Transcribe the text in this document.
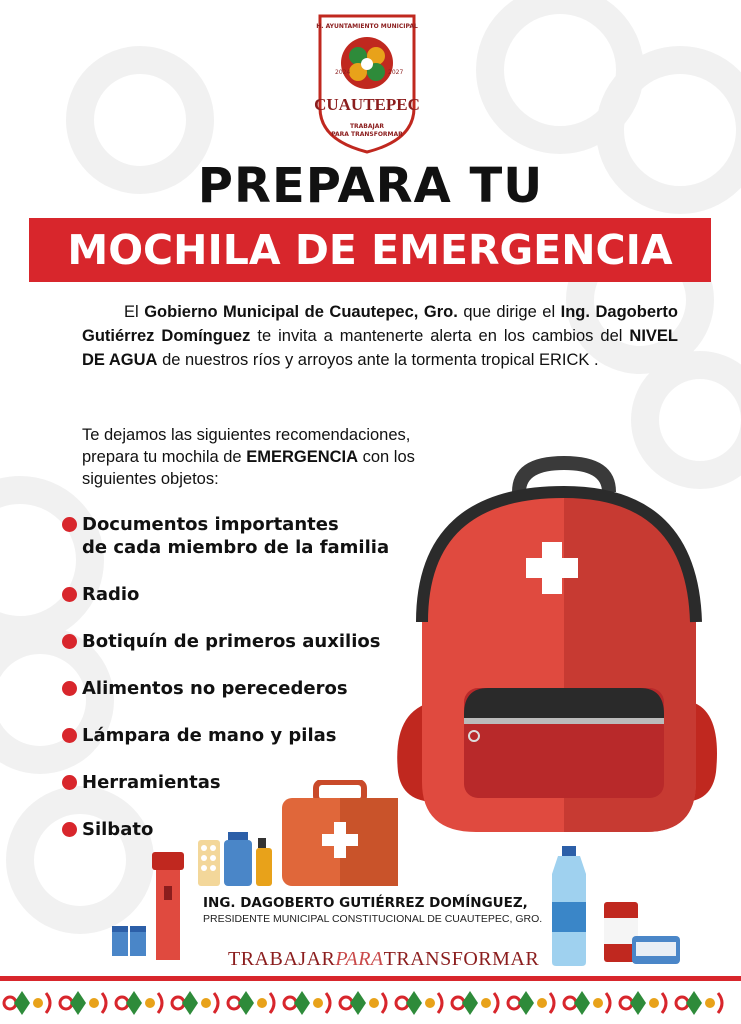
H. AYUNTAMIENTO MUNICIPAL
2024	2027
CUAUTEPEC
TRABAJAR
PARA TRANSFORMAR
PREPARA TU
MOCHILA DE EMERGENCIA
El Gobierno Municipal de Cuautepec, Gro. que dirige el Ing. Dagoberto Gutiérrez Domínguez te invita a mantenerte alerta en los cambios del NIVEL DE AGUA de nuestros ríos y arroyos ante la tormenta tropical ERICK .
Te dejamos las siguientes recomendaciones, prepara tu mochila de EMERGENCIA con los siguientes objetos:
Documentos importantes
de cada miembro de la familia
Radio
Botiquín de primeros auxilios
Alimentos no perecederos
Lámpara de mano y pilas
Herramientas
Silbato
ING. DAGOBERTO GUTIÉRREZ DOMÍNGUEZ,
PRESIDENTE MUNICIPAL CONSTITUCIONAL DE CUAUTEPEC, GRO.
TRABAJARPARATRANSFORMAR
